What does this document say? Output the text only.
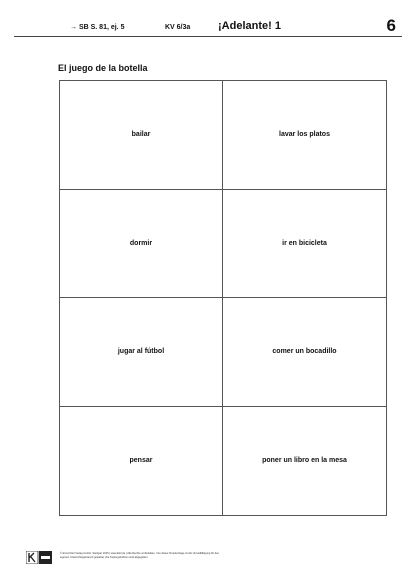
→ SB S. 81, ej. 5	KV 6/3a	¡Adelante! 1	6
El juego de la botella
bailar	lavar los platos
dormir	ir en bicicleta
jugar al fútbol	comer un bocadillo
pensar	poner un libro en la mesa
© Ernst Klett Verlag GmbH, Stuttgart 2015 | www.klett.de | Alle Rechte vorbehalten. Von dieser Druckvorlage ist die Vervielfältigung für den eigenen Unterrichtsgebrauch gestattet. Die Kopiergebühren sind abgegolten.
